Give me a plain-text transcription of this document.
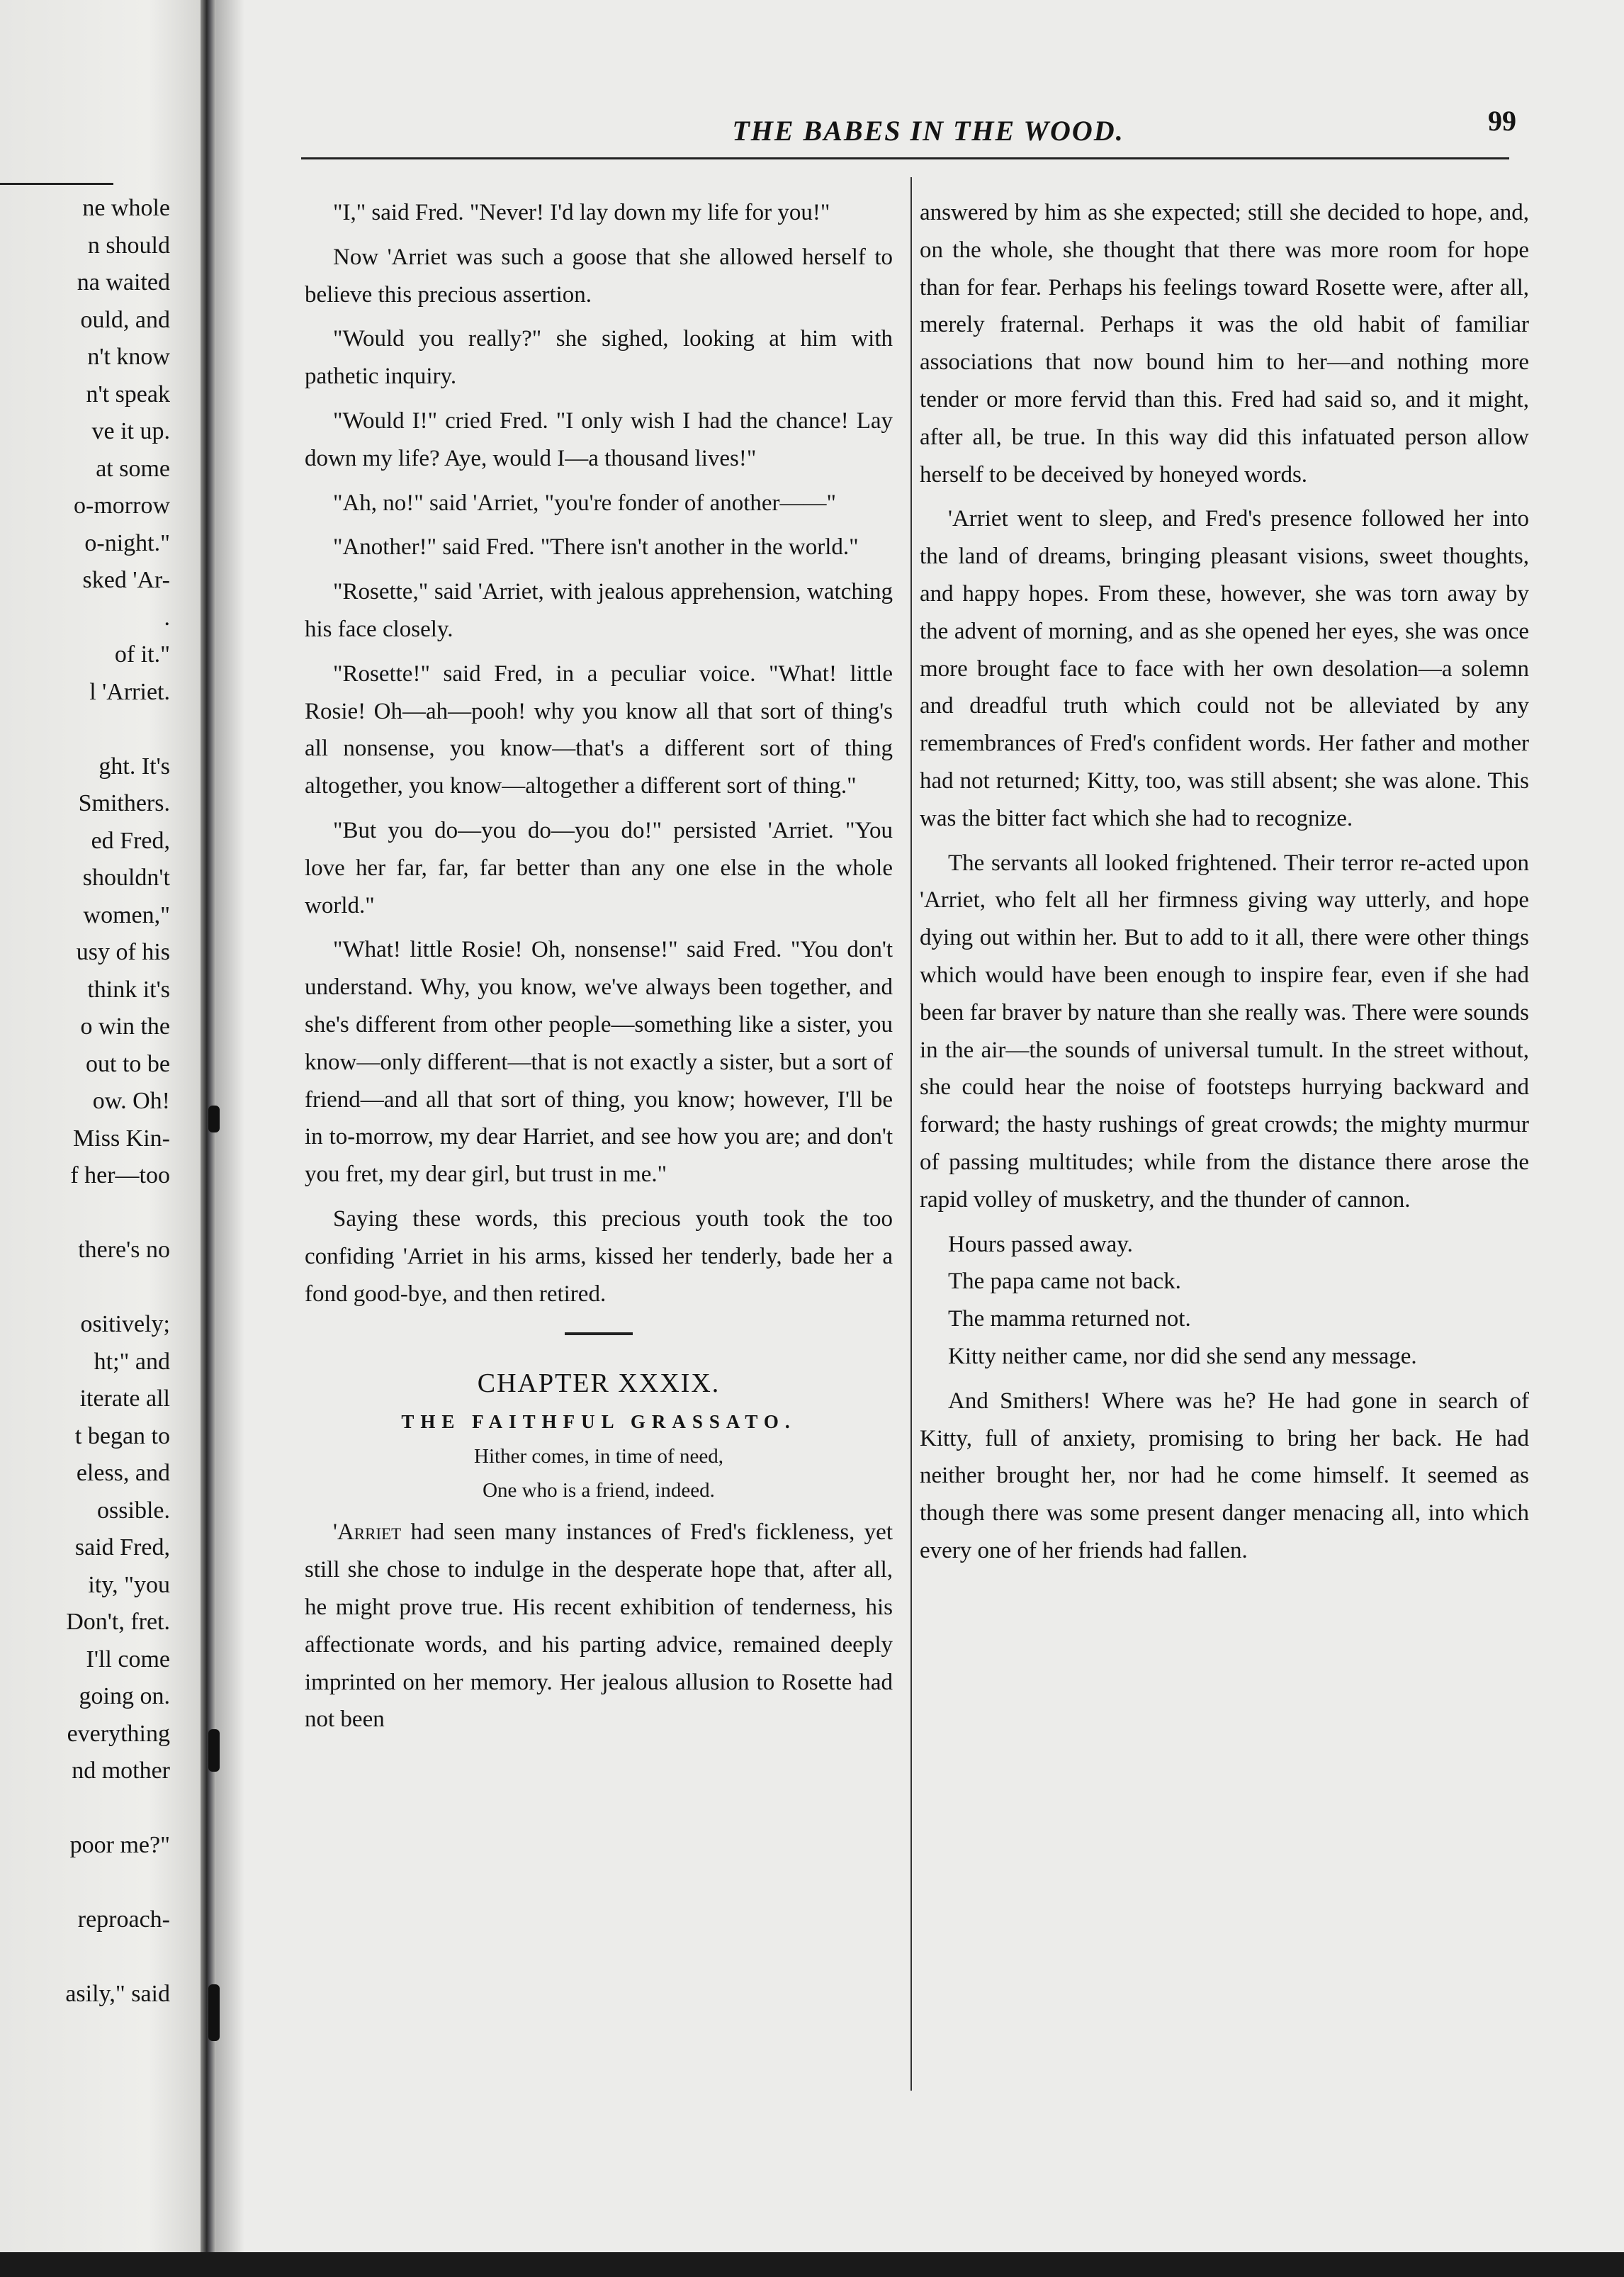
ne whole
n should
na waited
ould, and
n't know
n't speak
ve it up.
at some
o-morrow
o-night."
sked 'Ar-
.
of it."
l 'Arriet.
ght. It's
Smithers.
ed Fred,
shouldn't
women,"
usy of his
think it's
o win the
out to be
ow. Oh!
Miss Kin-
f her—too
there's no
ositively;
ht;" and
iterate all
t began to
eless, and
ossible.
said Fred,
ity, "you
Don't, fret.
I'll come
going on.
everything
nd mother
poor me?"
reproach-
asily," said
THE BABES IN THE WOOD.	99

"I," said Fred. "Never! I'd lay down my life for you!"

Now 'Arriet was such a goose that she allowed herself to believe this precious assertion.

"Would you really?" she sighed, looking at him with pathetic inquiry.

"Would I!" cried Fred. "I only wish I had the chance! Lay down my life? Aye, would I—a thousand lives!"

"Ah, no!" said 'Arriet, "you're fonder of another——"

"Another!" said Fred. "There isn't another in the world."

"Rosette," said 'Arriet, with jealous apprehension, watching his face closely.

"Rosette!" said Fred, in a peculiar voice. "What! little Rosie! Oh—ah—pooh! why you know all that sort of thing's all nonsense, you know—that's a different sort of thing altogether, you know—altogether a different sort of thing."

"But you do—you do—you do!" persisted 'Arriet. "You love her far, far, far better than any one else in the whole world."

"What! little Rosie! Oh, nonsense!" said Fred. "You don't understand. Why, you know, we've always been together, and she's different from other people—something like a sister, you know—only different—that is not exactly a sister, but a sort of friend—and all that sort of thing, you know; however, I'll be in to-morrow, my dear Harriet, and see how you are; and don't you fret, my dear girl, but trust in me."

Saying these words, this precious youth took the too confiding 'Arriet in his arms, kissed her tenderly, bade her a fond good-bye, and then retired.

CHAPTER XXXIX.
THE FAITHFUL GRASSATO.

Hither comes, in time of need,

One who is a friend, indeed.

'Arriet had seen many instances of Fred's fickleness, yet still she chose to indulge in the desperate hope that, after all, he might prove true. His recent exhibition of tenderness, his affectionate words, and his parting advice, remained deeply imprinted on her memory. Her jealous allusion to Rosette had not been

answered by him as she expected; still she decided to hope, and, on the whole, she thought that there was more room for hope than for fear. Perhaps his feelings toward Rosette were, after all, merely fraternal. Perhaps it was the old habit of familiar associations that now bound him to her—and nothing more tender or more fervid than this. Fred had said so, and it might, after all, be true. In this way did this infatuated person allow herself to be deceived by honeyed words.

'Arriet went to sleep, and Fred's presence followed her into the land of dreams, bringing pleasant visions, sweet thoughts, and happy hopes. From these, however, she was torn away by the advent of morning, and as she opened her eyes, she was once more brought face to face with her own desolation—a solemn and dreadful truth which could not be alleviated by any remembrances of Fred's confident words. Her father and mother had not returned; Kitty, too, was still absent; she was alone. This was the bitter fact which she had to recognize.

The servants all looked frightened. Their terror re-acted upon 'Arriet, who felt all her firmness giving way utterly, and hope dying out within her. But to add to it all, there were other things which would have been enough to inspire fear, even if she had been far braver by nature than she really was. There were sounds in the air—the sounds of universal tumult. In the street without, she could hear the noise of footsteps hurrying backward and forward; the hasty rushings of great crowds; the mighty murmur of passing multitudes; while from the distance there arose the rapid volley of musketry, and the thunder of cannon.

Hours passed away.

The papa came not back.

The mamma returned not.

Kitty neither came, nor did she send any message.

And Smithers! Where was he? He had gone in search of Kitty, full of anxiety, promising to bring her back. He had neither brought her, nor had he come himself. It seemed as though there was some present danger menacing all, into which every one of her friends had fallen.
